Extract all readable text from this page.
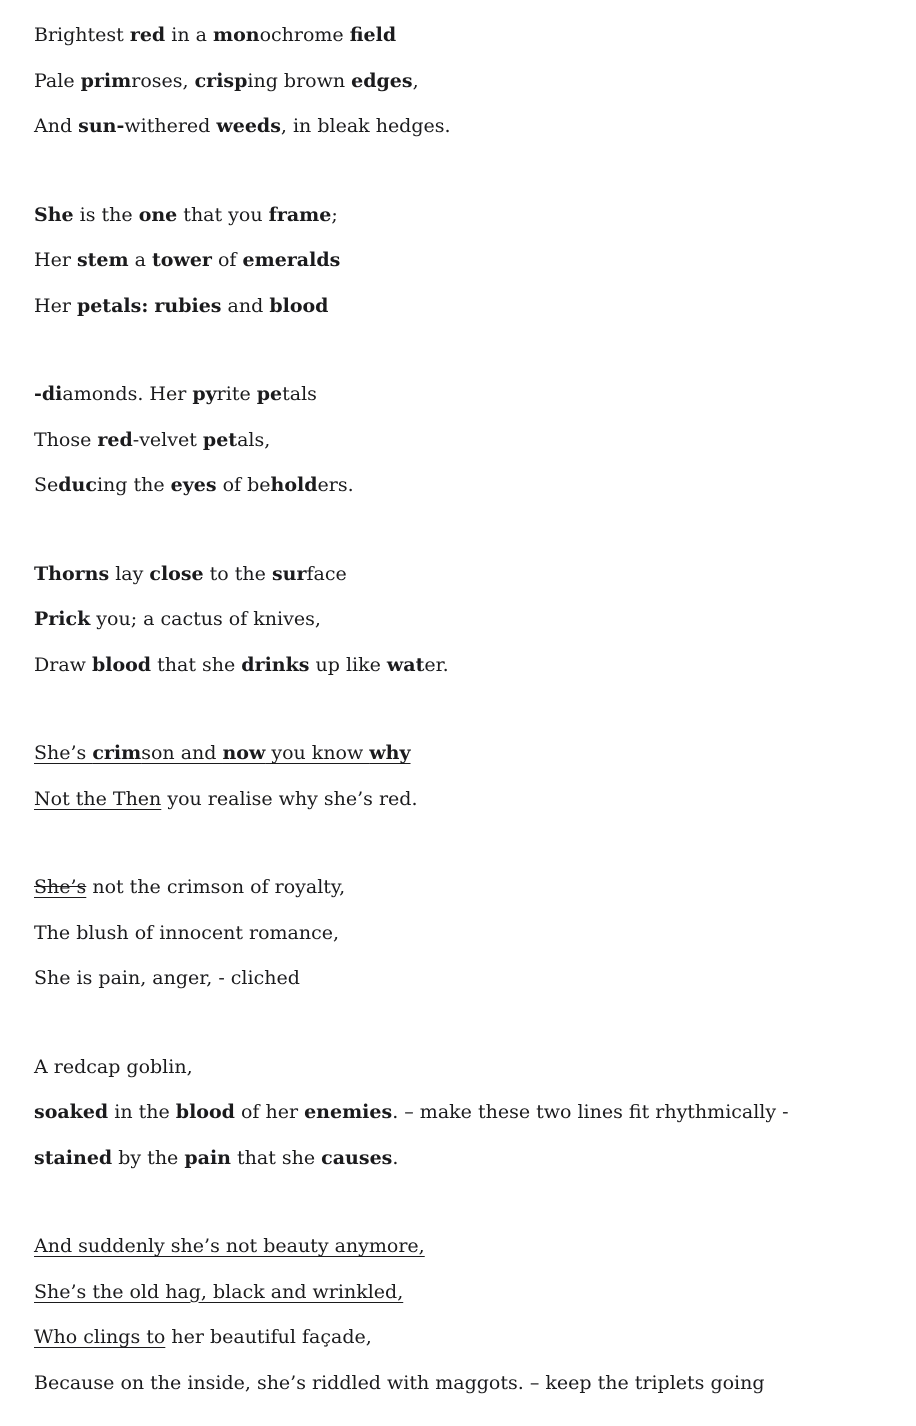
Brightest red in a monochrome field

Pale primroses, crisping brown edges,

And sun-withered weeds, in bleak hedges.

She is the one that you frame;

Her stem a tower of emeralds

Her petals: rubies and blood

-diamonds. Her pyrite petals

Those red-velvet petals,

Seducing the eyes of beholders.

Thorns lay close to the surface

Prick you; a cactus of knives,

Draw blood that she drinks up like water.

She’s crimson and now you know why

Not the Then you realise why she’s red.

She’s not the crimson of royalty,

The blush of innocent romance,

She is pain, anger, - cliched

A redcap goblin,

soaked in the blood of her enemies. – make these two lines fit rhythmically -

stained by the pain that she causes.

And suddenly she’s not beauty anymore,

She’s the old hag, black and wrinkled,

Who clings to her beautiful façade,

Because on the inside, she’s riddled with maggots. – keep the triplets going
